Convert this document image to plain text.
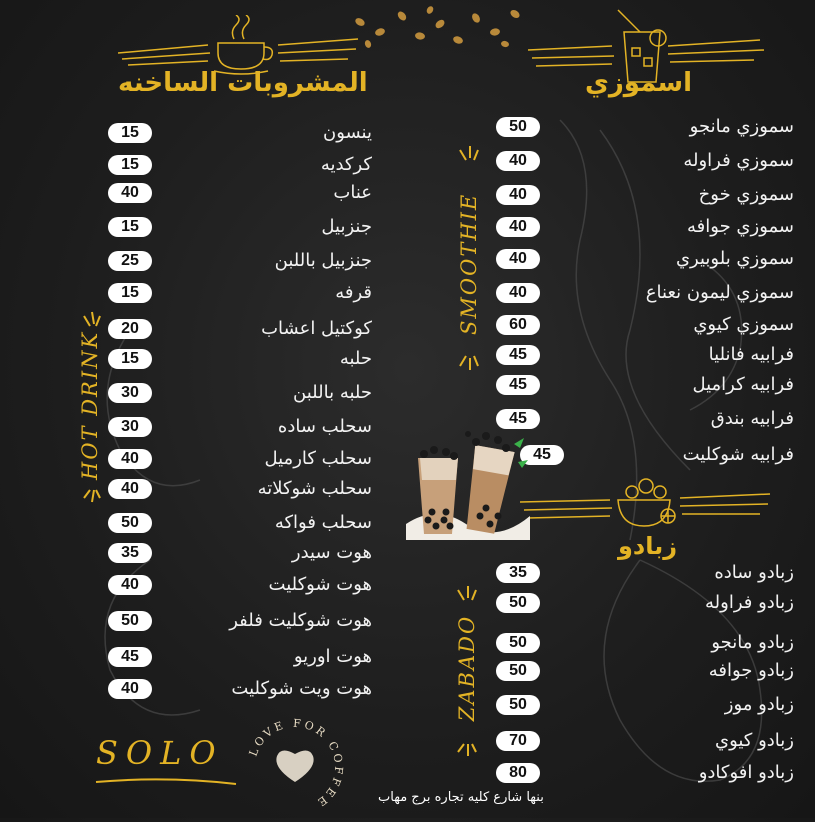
المشروبات الساخنه	اسموزي
زبادو
HOT DRINK
SMOOTHIE
ZABADO
ينسون
15
كركديه
15
عناب
40
جنزبيل
15
جنزبيل باللبن
25
قرفه
15
كوكتيل اعشاب
20
حلبه
15
حلبه باللبن
30
سحلب ساده
30
سحلب كارميل
40
سحلب شوكلاته
40
سحلب فواكه
50
هوت سيدر
35
هوت شوكليت
40
هوت شوكليت فلفر
50
هوت اوريو
45
هوت ويت شوكليت
40
سموزي مانجو
50
سموزي فراوله
40
سموزي خوخ
40
سموزي جوافه
40
سموزي بلوبيري
40
سموزي ليمون نعناع
40
سموزي كيوي
60
فرابيه فانليا
45
فرابيه كراميل
45
فرابيه بندق
45
فرابيه شوكليت
45
زبادو ساده
35
زبادو فراوله
50
زبادو مانجو
50
زبادو جوافه
50
زبادو موز
50
زبادو كيوي
70
زبادو افوكادو
80
SOLO LOVE FOR COFFEE	بنها شارع كليه تجاره برج مهاب
